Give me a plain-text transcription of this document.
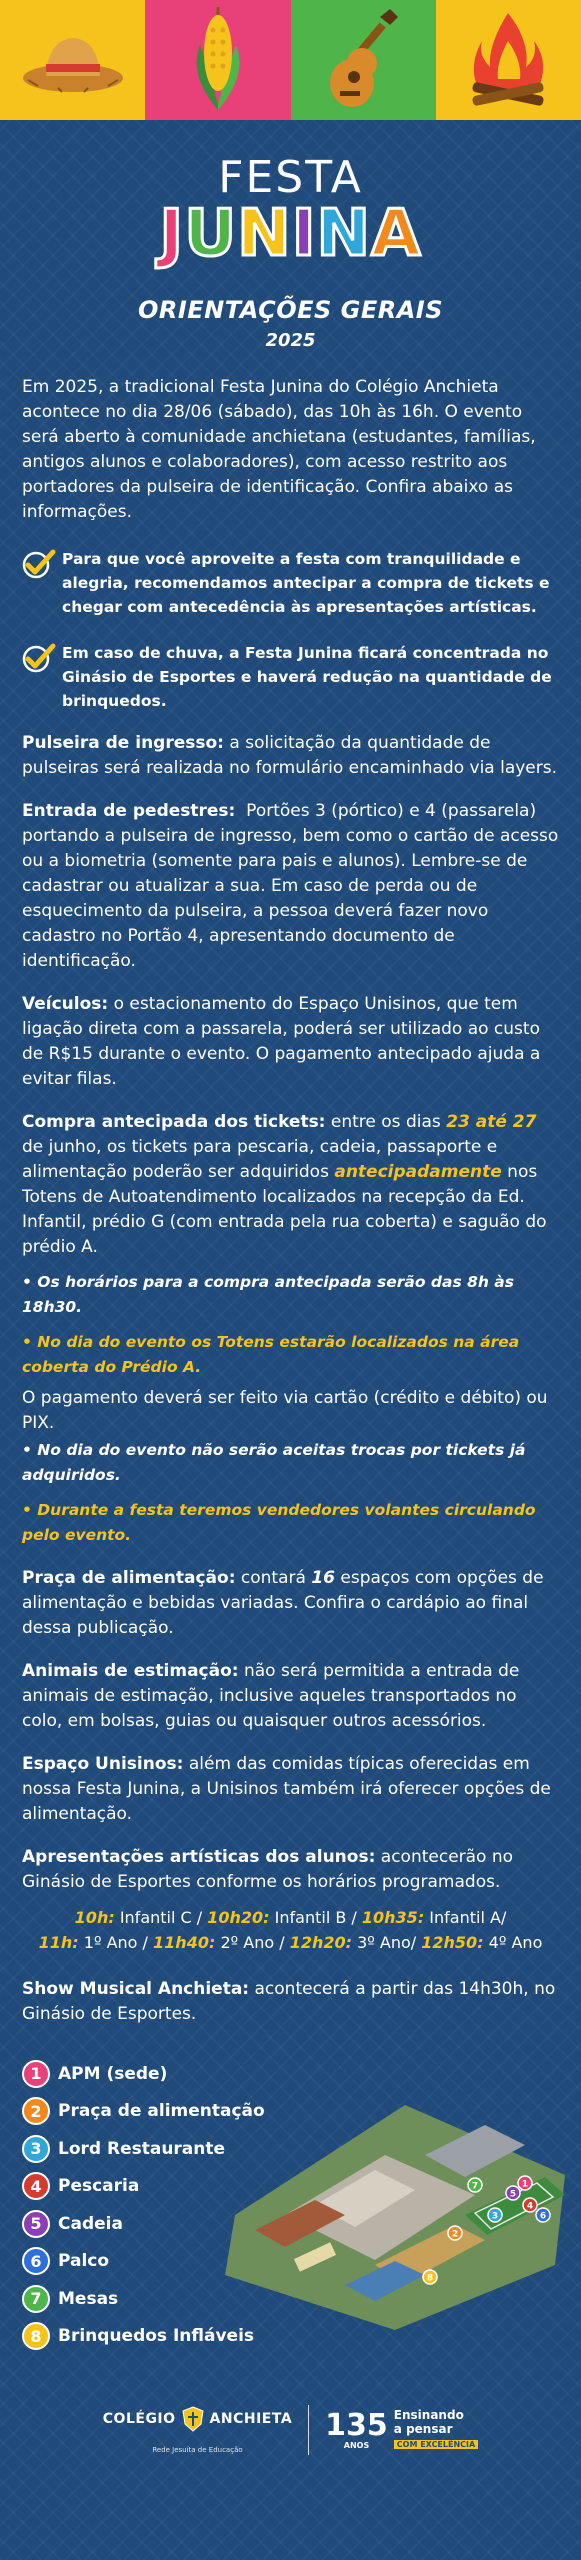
FESTA
JUNINA
ORIENTAÇÕES GERAIS
2025

Em 2025, a tradicional Festa Junina do Colégio Anchieta acontece no dia 28/06 (sábado), das 10h às 16h. O evento será aberto à comunidade anchietana (estudantes, famílias, antigos alunos e colaboradores), com acesso restrito aos portadores da pulseira de identificação. Confira abaixo as informações.

Para que você aproveite a festa com tranquilidade e alegria, recomendamos antecipar a compra de tickets e chegar com antecedência às apresentações artísticas.
Em caso de chuva, a Festa Junina ficará concentrada no Ginásio de Esportes e haverá redução na quantidade de brinquedos.

Pulseira de ingresso: a solicitação da quantidade de pulseiras será realizada no formulário encaminhado via layers.

Entrada de pedestres:  Portões 3 (pórtico) e 4 (passarela) portando a pulseira de ingresso, bem como o cartão de acesso ou a biometria (somente para pais e alunos). Lembre-se de cadastrar ou atualizar a sua. Em caso de perda ou de esquecimento da pulseira, a pessoa deverá fazer novo cadastro no Portão 4, apresentando documento de identificação.

Veículos: o estacionamento do Espaço Unisinos, que tem ligação direta com a passarela, poderá ser utilizado ao custo de R$15 durante o evento. O pagamento antecipado ajuda a evitar filas.

Compra antecipada dos tickets: entre os dias 23 até 27 de junho, os tickets para pescaria, cadeia, passaporte e alimentação poderão ser adquiridos antecipadamente nos Totens de Autoatendimento localizados na recepção da Ed. Infantil, prédio G (com entrada pela rua coberta) e saguão do prédio A.

• Os horários para a compra antecipada serão das 8h às 18h30.

• No dia do evento os Totens estarão localizados na área coberta do Prédio A.

O pagamento deverá ser feito via cartão (crédito e débito) ou PIX.

• No dia do evento não serão aceitas trocas por tickets já adquiridos.

• Durante a festa teremos vendedores volantes circulando pelo evento.

Praça de alimentação: contará 16 espaços com opções de alimentação e bebidas variadas. Confira o cardápio ao final dessa publicação.

Animais de estimação: não será permitida a entrada de animais de estimação, inclusive aqueles transportados no colo, em bolsas, guias ou quaisquer outros acessórios.

Espaço Unisinos: além das comidas típicas oferecidas em nossa Festa Junina, a Unisinos também irá oferecer opções de alimentação.

Apresentações artísticas dos alunos: acontecerão no Ginásio de Esportes conforme os horários programados.

10h: Infantil C / 10h20: Infantil B / 10h35: Infantil A/
11h: 1º Ano / 11h40: 2º Ano / 12h20: 3º Ano/ 12h50: 4º Ano

Show Musical Anchieta: acontecerá a partir das 14h30h, no Ginásio de Esportes.

1 APM (sede)
2 Praça de alimentação
3 Lord Restaurante
4 Pescaria
5 Cadeia
6 Palco
7 Mesas
8 Brinquedos Infláveis
1
2
3
4
5
6
7
8
COLÉGIO ANCHIETA
Rede Jesuíta de Educação
135
ANOS
Ensinando
a pensar
COM EXCELÊNCIA
